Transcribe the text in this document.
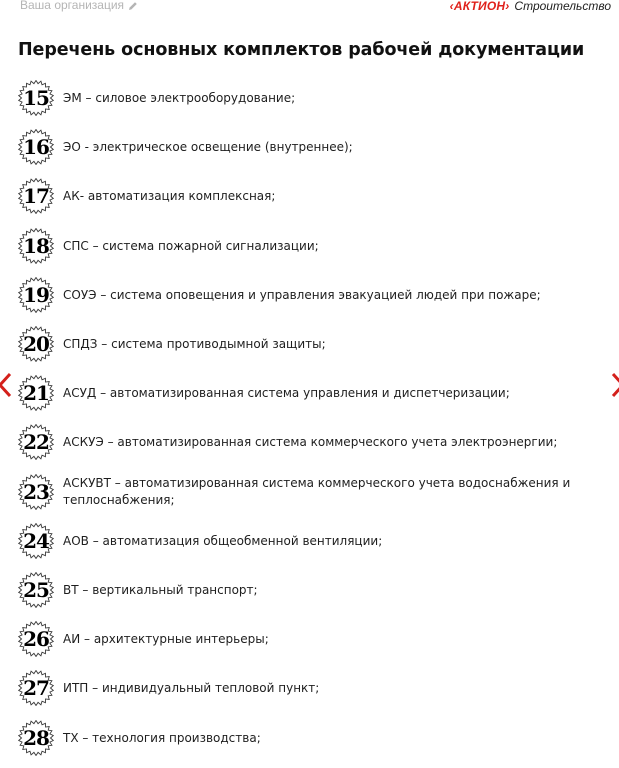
Ваша организация	‹АКТИОН› Строительство
Перечень основных комплектов рабочей документации
15	ЭМ – силовое электрооборудование;
16	ЭО - электрическое освещение (внутреннее);
17	АК- автоматизация комплексная;
18	СПС – система пожарной сигнализации;
19	СОУЭ – система оповещения и управления эвакуацией людей при пожаре;
20	СПДЗ – система противодымной защиты;
21	АСУД – автоматизированная система управления и диспетчеризации;
22	АСКУЭ – автоматизированная система коммерческого учета электроэнергии;
23	АСКУВТ – автоматизированная система коммерческого учета водоснабжения и теплоснабжения;
24	АОВ – автоматизация общеобменной вентиляции;
25	ВТ – вертикальный транспорт;
26	АИ – архитектурные интерьеры;
27	ИТП – индивидуальный тепловой пункт;
28	ТХ – технология производства;
